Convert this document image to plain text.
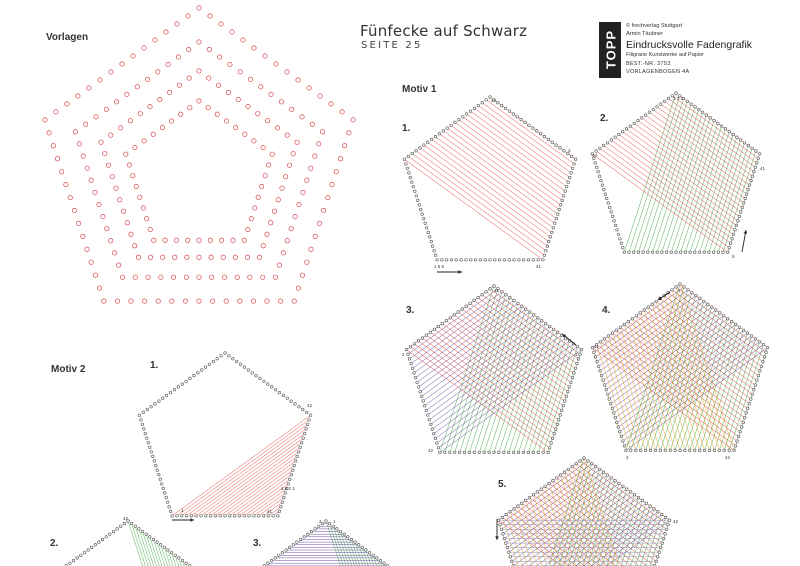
Fünfecke auf Schwarz
SEITE 25	TOPP
© frechverlag Stuttgart
Armin Täubner
Eindrucksvolle Fadengrafik
Filigrane Kunstwerke auf Papier
BEST.-NR. 3753
VORLAGENBOGEN 4A
Vorlagen
Motiv 1
Motiv 2
1.
2.
3.	4.
5.
1.
2.	3.
42
2
1 6 5	41
42
41
2 3 4
5
41
2	1
42
1
41
2	42
42
42
1	41
4 3 2 1
42
2	1
